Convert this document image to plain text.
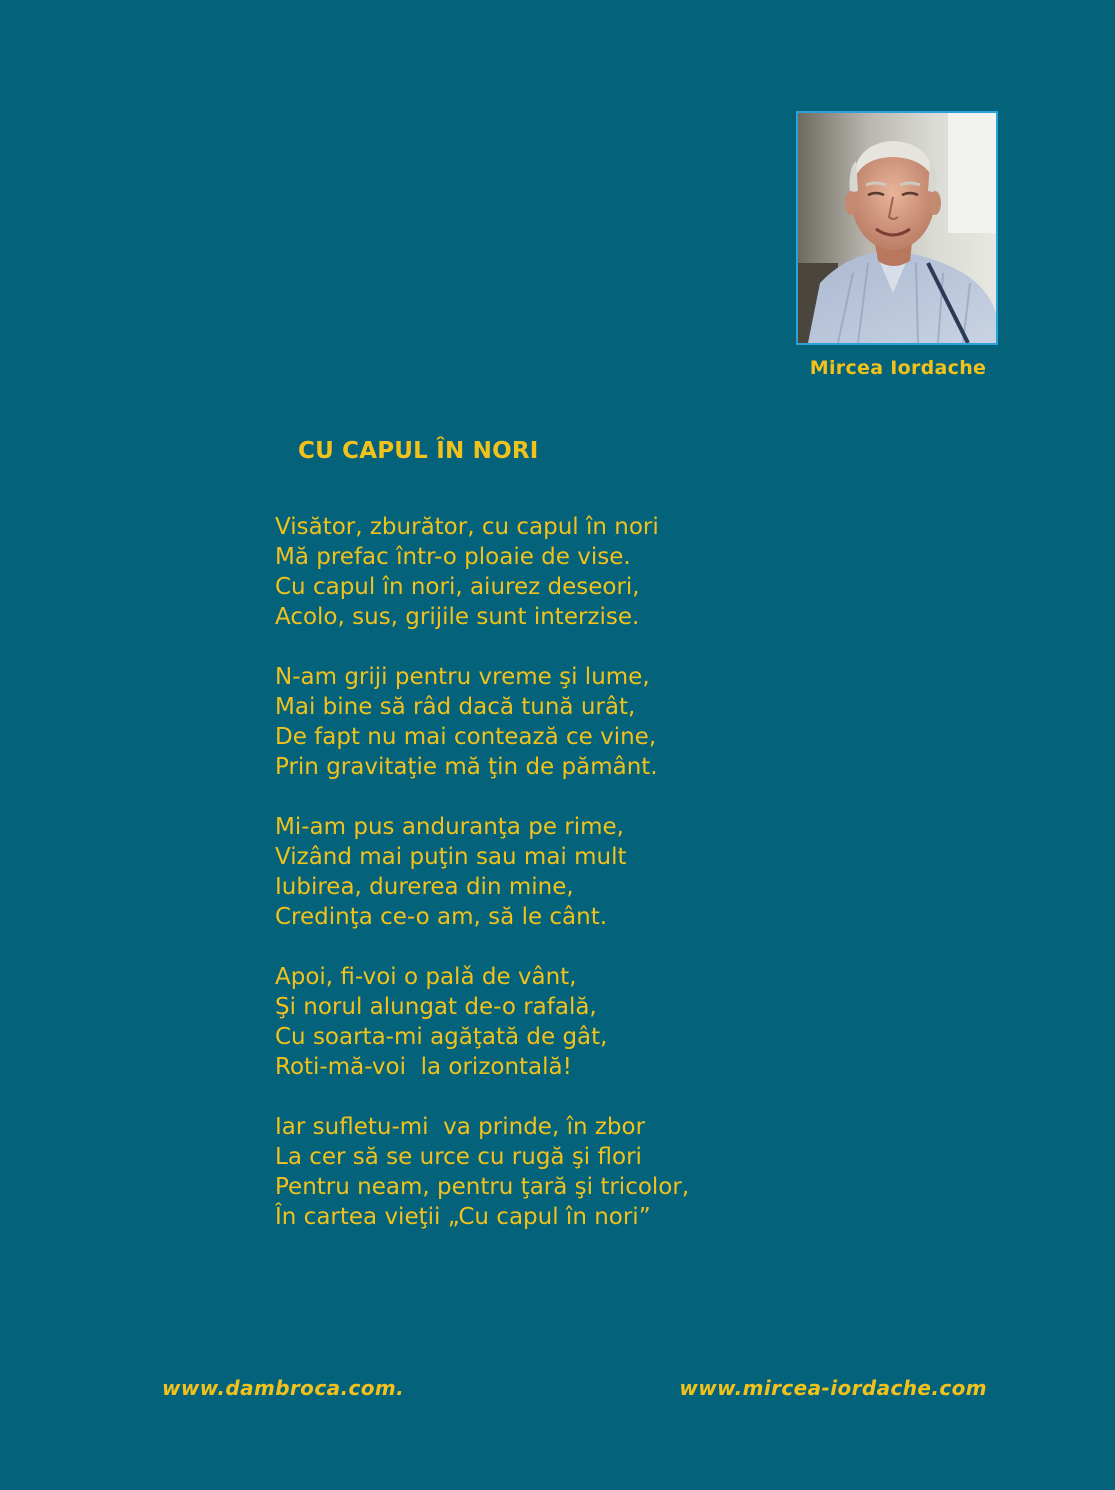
Mircea Iordache
CU CAPUL ÎN NORI
Visător, zburător, cu capul în nori
Mă prefac într-o ploaie de vise.
Cu capul în nori, aiurez deseori,
Acolo, sus, grijile sunt interzise.
N-am griji pentru vreme şi lume,
Mai bine să râd dacă tună urât,
De fapt nu mai contează ce vine,
Prin gravitaţie mă ţin de pământ.
Mi-am pus anduranţa pe rime,
Vizând mai puţin sau mai mult
Iubirea, durerea din mine,
Credinţa ce-o am, să le cânt.
Apoi, fi-voi o palǎ de vânt,
Şi norul alungat de-o rafală,
Cu soarta-mi agăţată de gât,
Roti-mă-voi  la orizontală!
Iar sufletu-mi  va prinde, în zbor
La cer să se urce cu rugă şi flori
Pentru neam, pentru ţară şi tricolor,
În cartea vieţii „Cu capul în nori”
www.dambroca.com.	www.mircea-iordache.com
